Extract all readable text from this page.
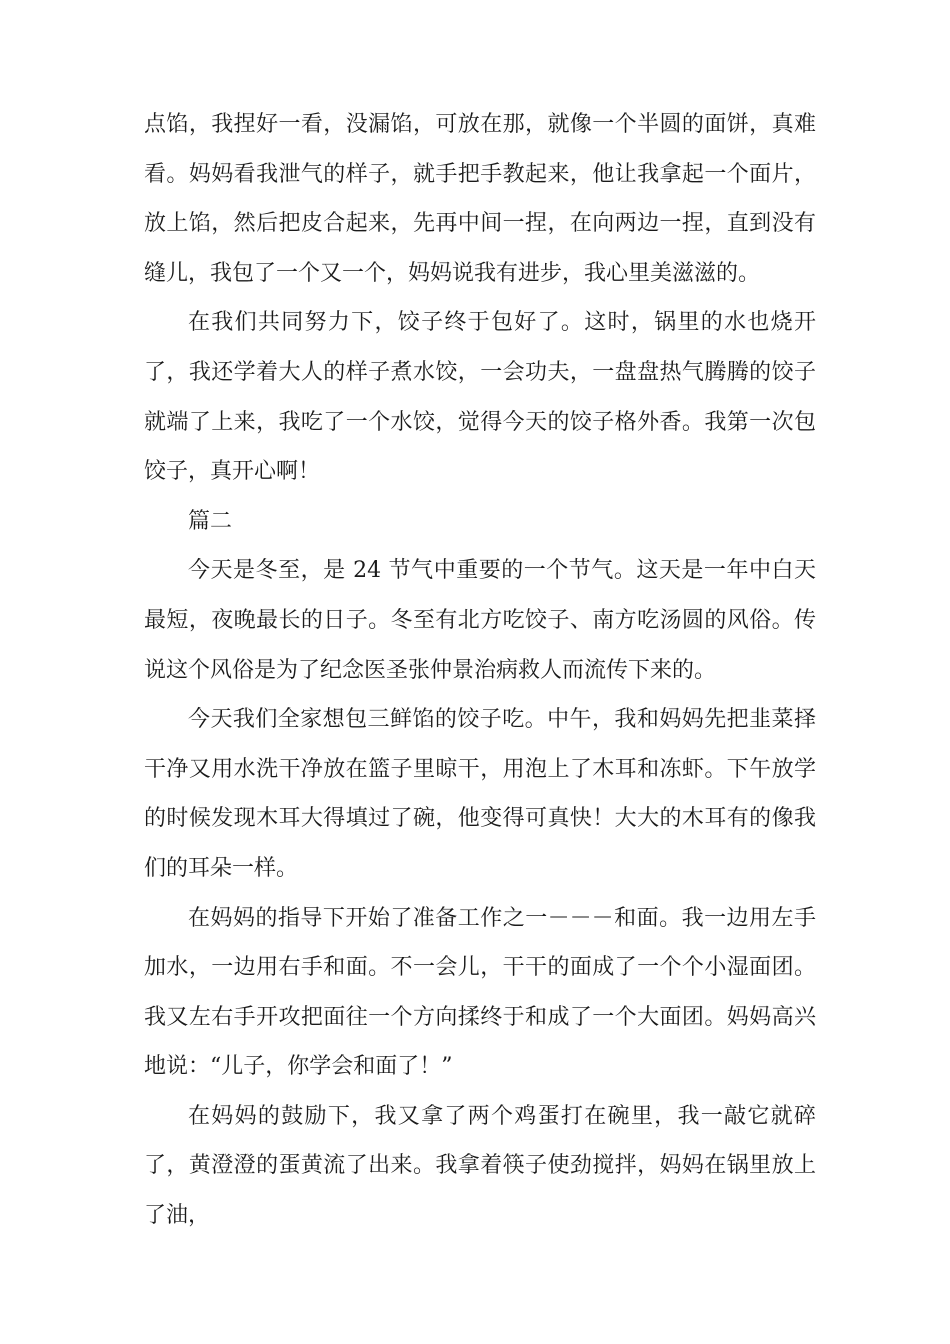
点馅，我捏好一看，没漏馅，可放在那，就像一个半圆的面饼，真难看。妈妈看我泄气的样子，就手把手教起来，他让我拿起一个面片，放上馅，然后把皮合起来，先再中间一捏，在向两边一捏，直到没有缝儿，我包了一个又一个，妈妈说我有进步，我心里美滋滋的。

在我们共同努力下，饺子终于包好了。这时，锅里的水也烧开了，我还学着大人的样子煮水饺，一会功夫，一盘盘热气腾腾的饺子就端了上来，我吃了一个水饺，觉得今天的饺子格外香。我第一次包饺子，真开心啊！

篇二

今天是冬至，是 24 节气中重要的一个节气。这天是一年中白天最短，夜晚最长的日子。冬至有北方吃饺子、南方吃汤圆的风俗。传说这个风俗是为了纪念医圣张仲景治病救人而流传下来的。

今天我们全家想包三鲜馅的饺子吃。中午，我和妈妈先把韭菜择干净又用水洗干净放在篮子里晾干，用泡上了木耳和冻虾。下午放学的时候发现木耳大得填过了碗，他变得可真快！大大的木耳有的像我们的耳朵一样。

在妈妈的指导下开始了准备工作之一－－－和面。我一边用左手加水，一边用右手和面。不一会儿，干干的面成了一个个小湿面团。我又左右手开攻把面往一个方向揉终于和成了一个大面团。妈妈高兴地说：“儿子，你学会和面了！”

在妈妈的鼓励下，我又拿了两个鸡蛋打在碗里，我一敲它就碎了，黄澄澄的蛋黄流了出来。我拿着筷子使劲搅拌，妈妈在锅里放上了油，
